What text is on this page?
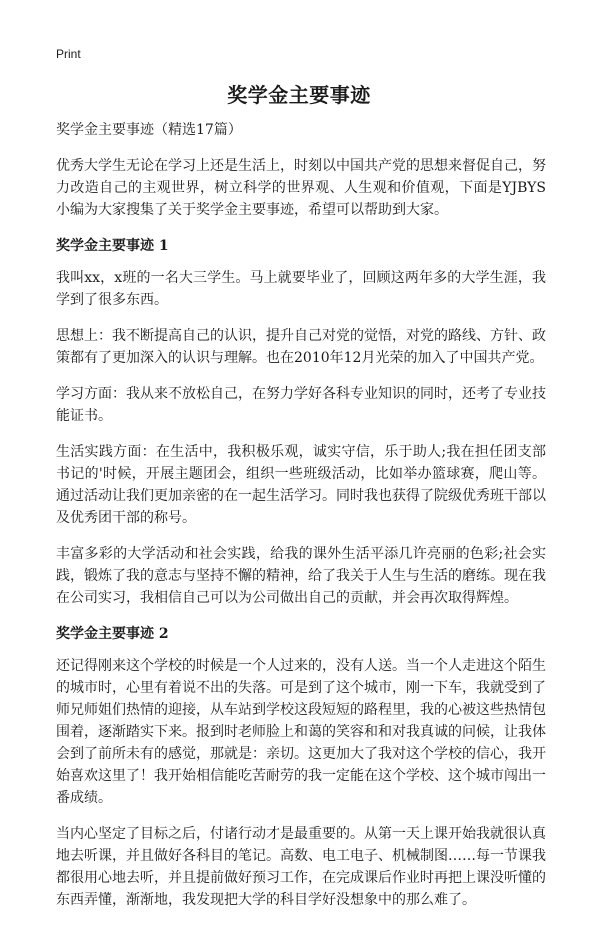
Print
奖学金主要事迹

奖学金主要事迹（精选17篇）

优秀大学生无论在学习上还是生活上，时刻以中国共产党的思想来督促自己，努力改造自己的主观世界，树立科学的世界观、人生观和价值观，下面是YJBYS小编为大家搜集了关于奖学金主要事迹，希望可以帮助到大家。

奖学金主要事迹 1

我叫xx，x班的一名大三学生。马上就要毕业了，回顾这两年多的大学生涯，我学到了很多东西。

思想上：我不断提高自己的认识，提升自己对党的觉悟，对党的路线、方针、政策都有了更加深入的认识与理解。也在2010年12月光荣的加入了中国共产党。

学习方面：我从来不放松自己，在努力学好各科专业知识的同时，还考了专业技能证书。

生活实践方面：在生活中，我积极乐观，诚实守信，乐于助人;我在担任团支部书记的'时候，开展主题团会，组织一些班级活动，比如举办篮球赛，爬山等。通过活动让我们更加亲密的在一起生活学习。同时我也获得了院级优秀班干部以及优秀团干部的称号。

丰富多彩的大学活动和社会实践，给我的课外生活平添几许亮丽的色彩;社会实践，锻炼了我的意志与坚持不懈的精神，给了我关于人生与生活的磨练。现在我在公司实习，我相信自己可以为公司做出自己的贡献，并会再次取得辉煌。

奖学金主要事迹 2

还记得刚来这个学校的时候是一个人过来的，没有人送。当一个人走进这个陌生的城市时，心里有着说不出的失落。可是到了这个城市，刚一下车，我就受到了师兄师姐们热情的迎接，从车站到学校这段短短的路程里，我的心被这些热情包围着，逐渐踏实下来。报到时老师脸上和蔼的笑容和和对我真诚的问候，让我体会到了前所未有的感觉，那就是：亲切。这更加大了我对这个学校的信心，我开始喜欢这里了！我开始相信能吃苦耐劳的我一定能在这个学校、这个城市闯出一番成绩。

当内心坚定了目标之后，付诸行动才是最重要的。从第一天上课开始我就很认真地去听课，并且做好各科目的笔记。高数、电工电子、机械制图……每一节课我都很用心地去听，并且提前做好预习工作，在完成课后作业时再把上课没听懂的东西弄懂，渐渐地，我发现把大学的科目学好没想象中的那么难了。
